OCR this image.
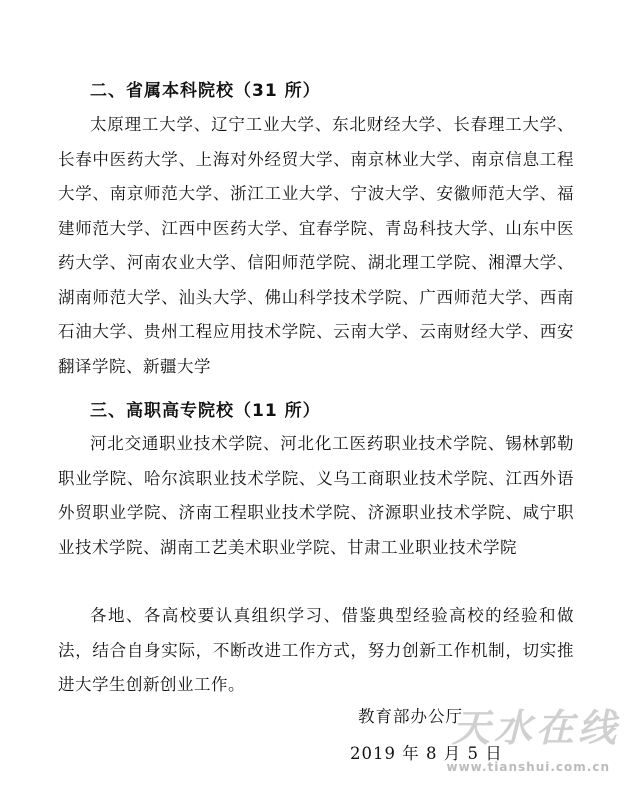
二、省属本科院校（31 所）
太原理工大学、辽宁工业大学、东北财经大学、长春理工大学、长春中医药大学、上海对外经贸大学、南京林业大学、南京信息工程大学、南京师范大学、浙江工业大学、宁波大学、安徽师范大学、福建师范大学、江西中医药大学、宜春学院、青岛科技大学、山东中医药大学、河南农业大学、信阳师范学院、湖北理工学院、湘潭大学、湖南师范大学、汕头大学、佛山科学技术学院、广西师范大学、西南石油大学、贵州工程应用技术学院、云南大学、云南财经大学、西安翻译学院、新疆大学
三、高职高专院校（11 所）
河北交通职业技术学院、河北化工医药职业技术学院、锡林郭勒职业学院、哈尔滨职业技术学院、义乌工商职业技术学院、江西外语外贸职业学院、济南工程职业技术学院、济源职业技术学院、咸宁职业技术学院、湖南工艺美术职业学院、甘肃工业职业技术学院
各地、各高校要认真组织学习、借鉴典型经验高校的经验和做法，结合自身实际，不断改进工作方式，努力创新工作机制，切实推进大学生创新创业工作。
教育部办公厅
2019 年 8 月 5 日
天水在线
www.tianshui.com.cn
